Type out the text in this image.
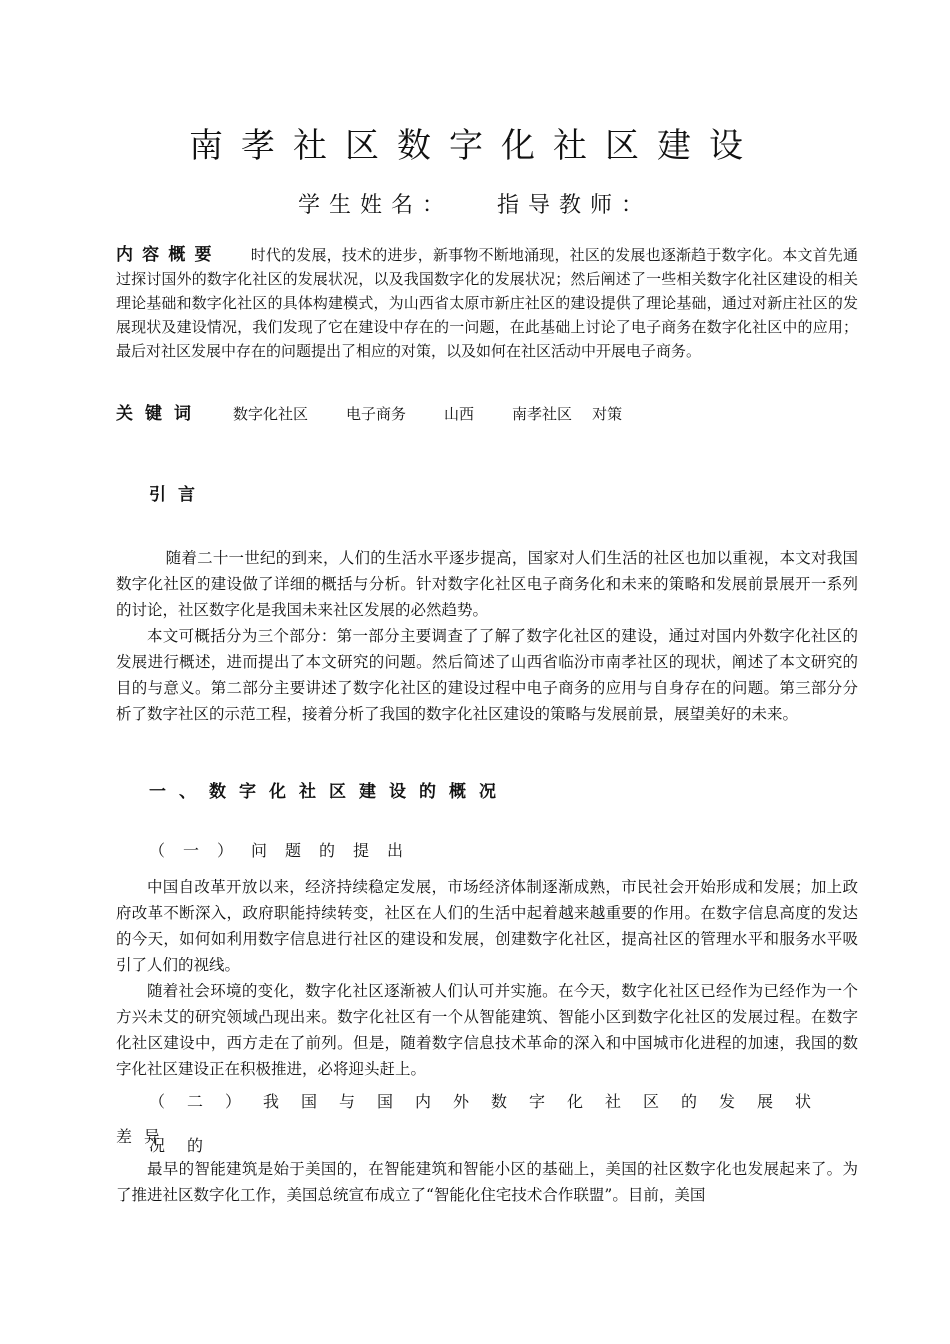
南孝社区数字化社区建设
学生姓名： 指导教师：

内容概要 时代的发展，技术的进步，新事物不断地涌现，社区的发展也逐渐趋于数字化。本文首先通过探讨国外的数字化社区的发展状况，以及我国数字化的发展状况；然后阐述了一些相关数字化社区建设的相关理论基础和数字化社区的具体构建模式，为山西省太原市新庄社区的建设提供了理论基础，通过对新庄社区的发展现状及建设情况，我们发现了它在建设中存在的一问题，在此基础上讨论了电子商务在数字化社区中的应用；最后对社区发展中存在的问题提出了相应的对策，以及如何在社区活动中开展电子商务。

关键词 数字化社区	电子商务	山西	南孝社区 对策
引言

随着二十一世纪的到来，人们的生活水平逐步提高，国家对人们生活的社区也加以重视，本文对我国数字化社区的建设做了详细的概括与分析。针对数字化社区电子商务化和未来的策略和发展前景展开一系列的讨论，社区数字化是我国未来社区发展的必然趋势。

本文可概括分为三个部分：第一部分主要调查了了解了数字化社区的建设，通过对国内外数字化社区的发展进行概述，进而提出了本文研究的问题。然后简述了山西省临汾市南孝社区的现状，阐述了本文研究的目的与意义。第二部分主要讲述了数字化社区的建设过程中电子商务的应用与自身存在的问题。第三部分分析了数字社区的示范工程，接着分析了我国的数字化社区建设的策略与发展前景，展望美好的未来。

一、数字化社区建设的概况
（一）问题的提出

中国自改革开放以来，经济持续稳定发展，市场经济体制逐渐成熟，市民社会开始形成和发展；加上政府改革不断深入，政府职能持续转变，社区在人们的生活中起着越来越重要的作用。在数字信息高度的发达的今天，如何如利用数字信息进行社区的建设和发展，创建数字化社区，提高社区的管理水平和服务水平吸引了人们的视线。

随着社会环境的变化，数字化社区逐渐被人们认可并实施。在今天，数字化社区已经作为已经作为一个方兴未艾的研究领域凸现出来。数字化社区有一个从智能建筑、智能小区到数字化社区的发展过程。在数字化社区建设中，西方走在了前列。但是，随着数字信息技术革命的深入和中国城市化进程的加速，我国的数字化社区建设正在积极推进，必将迎头赶上。

（二）我国与国内外数字化社区的发展状况的
差异

最早的智能建筑是始于美国的，在智能建筑和智能小区的基础上，美国的社区数字化也发展起来了。为了推进社区数字化工作，美国总统宣布成立了“智能化住宅技术合作联盟”。目前，美国
